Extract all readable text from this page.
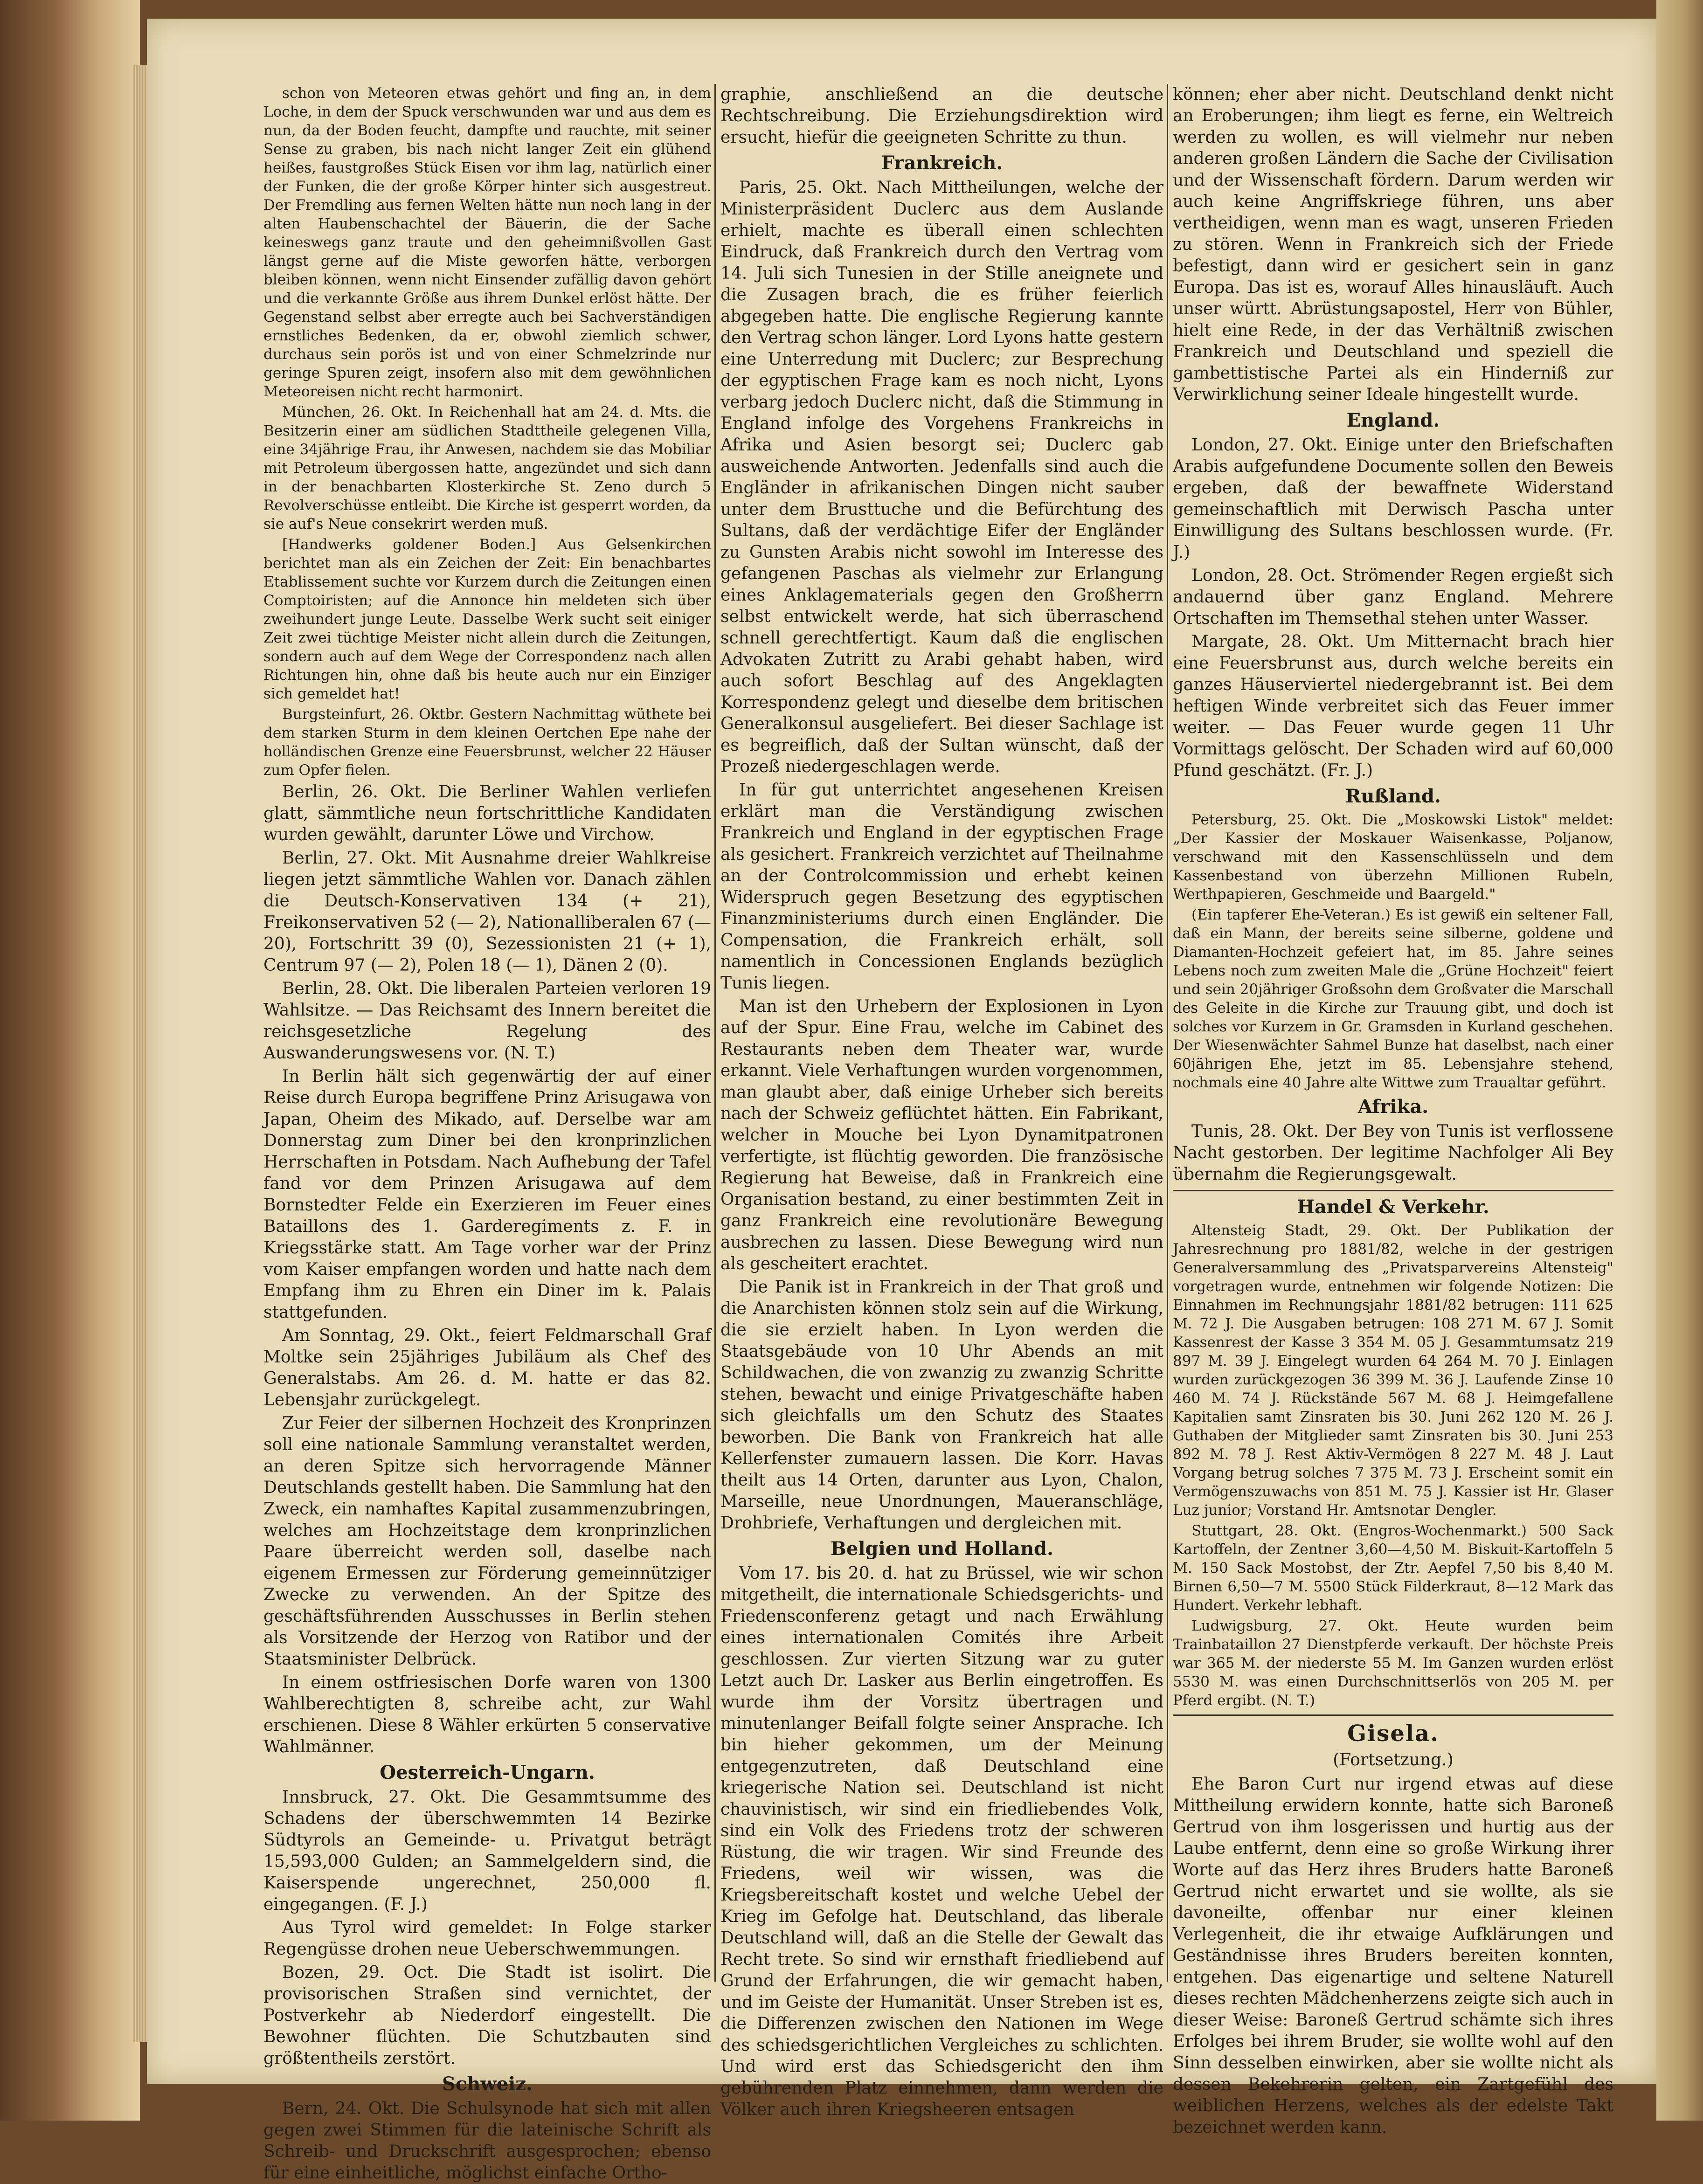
schon von Meteoren etwas gehört und fing an, in dem Loche, in dem der Spuck verschwunden war und aus dem es nun, da der Boden feucht, dampfte und rauchte, mit seiner Sense zu graben, bis nach nicht langer Zeit ein glühend heißes, faustgroßes Stück Eisen vor ihm lag, natürlich einer der Funken, die der große Körper hinter sich ausgestreut. Der Fremdling aus fernen Welten hätte nun noch lang in der alten Haubenschachtel der Bäuerin, die der Sache keineswegs ganz traute und den geheimnißvollen Gast längst gerne auf die Miste geworfen hätte, verborgen bleiben können, wenn nicht Einsender zufällig davon gehört und die verkannte Größe aus ihrem Dunkel erlöst hätte. Der Gegenstand selbst aber erregte auch bei Sachverständigen ernstliches Bedenken, da er, obwohl ziemlich schwer, durchaus sein porös ist und von einer Schmelzrinde nur geringe Spuren zeigt, insofern also mit dem gewöhnlichen Meteoreisen nicht recht harmonirt.

München, 26. Okt. In Reichenhall hat am 24. d. Mts. die Besitzerin einer am südlichen Stadttheile gelegenen Villa, eine 34jährige Frau, ihr Anwesen, nachdem sie das Mobiliar mit Petroleum übergossen hatte, angezündet und sich dann in der benachbarten Klosterkirche St. Zeno durch 5 Revolverschüsse entleibt. Die Kirche ist gesperrt worden, da sie auf's Neue consekrirt werden muß.

[Handwerks goldener Boden.] Aus Gelsenkirchen berichtet man als ein Zeichen der Zeit: Ein benachbartes Etablissement suchte vor Kurzem durch die Zeitungen einen Comptoiristen; auf die Annonce hin meldeten sich über zweihundert junge Leute. Dasselbe Werk sucht seit einiger Zeit zwei tüchtige Meister nicht allein durch die Zeitungen, sondern auch auf dem Wege der Correspondenz nach allen Richtungen hin, ohne daß bis heute auch nur ein Einziger sich gemeldet hat!

Burgsteinfurt, 26. Oktbr. Gestern Nachmittag wüthete bei dem starken Sturm in dem kleinen Oertchen Epe nahe der holländischen Grenze eine Feuersbrunst, welcher 22 Häuser zum Opfer fielen.

Berlin, 26. Okt. Die Berliner Wahlen verliefen glatt, sämmtliche neun fortschrittliche Kandidaten wurden gewählt, darunter Löwe und Virchow.

Berlin, 27. Okt. Mit Ausnahme dreier Wahlkreise liegen jetzt sämmtliche Wahlen vor. Danach zählen die Deutsch-Konservativen 134 (+ 21), Freikonservativen 52 (— 2), Nationalliberalen 67 (— 20), Fortschritt 39 (0), Sezessionisten 21 (+ 1), Centrum 97 (— 2), Polen 18 (— 1), Dänen 2 (0).

Berlin, 28. Okt. Die liberalen Parteien verloren 19 Wahlsitze. — Das Reichsamt des Innern bereitet die reichsgesetzliche Regelung des Auswanderungswesens vor. (N. T.)

In Berlin hält sich gegenwärtig der auf einer Reise durch Europa begriffene Prinz Arisugawa von Japan, Oheim des Mikado, auf. Derselbe war am Donnerstag zum Diner bei den kronprinzlichen Herrschaften in Potsdam. Nach Aufhebung der Tafel fand vor dem Prinzen Arisugawa auf dem Bornstedter Felde ein Exerzieren im Feuer eines Bataillons des 1. Garderegiments z. F. in Kriegsstärke statt. Am Tage vorher war der Prinz vom Kaiser empfangen worden und hatte nach dem Empfang ihm zu Ehren ein Diner im k. Palais stattgefunden.

Am Sonntag, 29. Okt., feiert Feldmarschall Graf Moltke sein 25jähriges Jubiläum als Chef des Generalstabs. Am 26. d. M. hatte er das 82. Lebensjahr zurückgelegt.

Zur Feier der silbernen Hochzeit des Kronprinzen soll eine nationale Sammlung veranstaltet werden, an deren Spitze sich hervorragende Männer Deutschlands gestellt haben. Die Sammlung hat den Zweck, ein namhaftes Kapital zusammenzubringen, welches am Hochzeitstage dem kronprinzlichen Paare überreicht werden soll, daselbe nach eigenem Ermessen zur Förderung gemeinnütziger Zwecke zu verwenden. An der Spitze des geschäftsführenden Ausschusses in Berlin stehen als Vorsitzende der Herzog von Ratibor und der Staatsminister Delbrück.

In einem ostfriesischen Dorfe waren von 1300 Wahlberechtigten 8, schreibe acht, zur Wahl erschienen. Diese 8 Wähler erkürten 5 conservative Wahlmänner.

Oesterreich-Ungarn.

Innsbruck, 27. Okt. Die Gesammtsumme des Schadens der überschwemmten 14 Bezirke Südtyrols an Gemeinde- u. Privatgut beträgt 15,593,000 Gulden; an Sammelgeldern sind, die Kaiserspende ungerechnet, 250,000 fl. eingegangen. (F. J.)

Aus Tyrol wird gemeldet: In Folge starker Regengüsse drohen neue Ueberschwemmungen.

Bozen, 29. Oct. Die Stadt ist isolirt. Die provisorischen Straßen sind vernichtet, der Postverkehr ab Niederdorf eingestellt. Die Bewohner flüchten. Die Schutzbauten sind größtentheils zerstört.

Schweiz.

Bern, 24. Okt. Die Schulsynode hat sich mit allen gegen zwei Stimmen für die lateinische Schrift als Schreib- und Druckschrift ausgesprochen; ebenso für eine einheitliche, möglichst einfache Ortho-

graphie, anschließend an die deutsche Rechtschreibung. Die Erziehungsdirektion wird ersucht, hiefür die geeigneten Schritte zu thun.

Frankreich.

Paris, 25. Okt. Nach Mittheilungen, welche der Ministerpräsident Duclerc aus dem Auslande erhielt, machte es überall einen schlechten Eindruck, daß Frankreich durch den Vertrag vom 14. Juli sich Tunesien in der Stille aneignete und die Zusagen brach, die es früher feierlich abgegeben hatte. Die englische Regierung kannte den Vertrag schon länger. Lord Lyons hatte gestern eine Unterredung mit Duclerc; zur Besprechung der egyptischen Frage kam es noch nicht, Lyons verbarg jedoch Duclerc nicht, daß die Stimmung in England infolge des Vorgehens Frankreichs in Afrika und Asien besorgt sei; Duclerc gab ausweichende Antworten. Jedenfalls sind auch die Engländer in afrikanischen Dingen nicht sauber unter dem Brusttuche und die Befürchtung des Sultans, daß der verdächtige Eifer der Engländer zu Gunsten Arabis nicht sowohl im Interesse des gefangenen Paschas als vielmehr zur Erlangung eines Anklagematerials gegen den Großherrn selbst entwickelt werde, hat sich überraschend schnell gerechtfertigt. Kaum daß die englischen Advokaten Zutritt zu Arabi gehabt haben, wird auch sofort Beschlag auf des Angeklagten Korrespondenz gelegt und dieselbe dem britischen Generalkonsul ausgeliefert. Bei dieser Sachlage ist es begreiflich, daß der Sultan wünscht, daß der Prozeß niedergeschlagen werde.

In für gut unterrichtet angesehenen Kreisen erklärt man die Verständigung zwischen Frankreich und England in der egyptischen Frage als gesichert. Frankreich verzichtet auf Theilnahme an der Controlcommission und erhebt keinen Widerspruch gegen Besetzung des egyptischen Finanzministeriums durch einen Engländer. Die Compensation, die Frankreich erhält, soll namentlich in Concessionen Englands bezüglich Tunis liegen.

Man ist den Urhebern der Explosionen in Lyon auf der Spur. Eine Frau, welche im Cabinet des Restaurants neben dem Theater war, wurde erkannt. Viele Verhaftungen wurden vorgenommen, man glaubt aber, daß einige Urheber sich bereits nach der Schweiz geflüchtet hätten. Ein Fabrikant, welcher in Mouche bei Lyon Dynamitpatronen verfertigte, ist flüchtig geworden. Die französische Regierung hat Beweise, daß in Frankreich eine Organisation bestand, zu einer bestimmten Zeit in ganz Frankreich eine revolutionäre Bewegung ausbrechen zu lassen. Diese Bewegung wird nun als gescheitert erachtet.

Die Panik ist in Frankreich in der That groß und die Anarchisten können stolz sein auf die Wirkung, die sie erzielt haben. In Lyon werden die Staatsgebäude von 10 Uhr Abends an mit Schildwachen, die von zwanzig zu zwanzig Schritte stehen, bewacht und einige Privatgeschäfte haben sich gleichfalls um den Schutz des Staates beworben. Die Bank von Frankreich hat alle Kellerfenster zumauern lassen. Die Korr. Havas theilt aus 14 Orten, darunter aus Lyon, Chalon, Marseille, neue Unordnungen, Maueranschläge, Drohbriefe, Verhaftungen und dergleichen mit.

Belgien und Holland.

Vom 17. bis 20. d. hat zu Brüssel, wie wir schon mitgetheilt, die internationale Schiedsgerichts- und Friedensconferenz getagt und nach Erwählung eines internationalen Comités ihre Arbeit geschlossen. Zur vierten Sitzung war zu guter Letzt auch Dr. Lasker aus Berlin eingetroffen. Es wurde ihm der Vorsitz übertragen und minutenlanger Beifall folgte seiner Ansprache. Ich bin hieher gekommen, um der Meinung entgegenzutreten, daß Deutschland eine kriegerische Nation sei. Deutschland ist nicht chauvinistisch, wir sind ein friedliebendes Volk, sind ein Volk des Friedens trotz der schweren Rüstung, die wir tragen. Wir sind Freunde des Friedens, weil wir wissen, was die Kriegsbereitschaft kostet und welche Uebel der Krieg im Gefolge hat. Deutschland, das liberale Deutschland will, daß an die Stelle der Gewalt das Recht trete. So sind wir ernsthaft friedliebend auf Grund der Erfahrungen, die wir gemacht haben, und im Geiste der Humanität. Unser Streben ist es, die Differenzen zwischen den Nationen im Wege des schiedsgerichtlichen Vergleiches zu schlichten. Und wird erst das Schiedsgericht den ihm gebührenden Platz einnehmen, dann werden die Völker auch ihren Kriegsheeren entsagen

können; eher aber nicht. Deutschland denkt nicht an Eroberungen; ihm liegt es ferne, ein Weltreich werden zu wollen, es will vielmehr nur neben anderen großen Ländern die Sache der Civilisation und der Wissenschaft fördern. Darum werden wir auch keine Angriffskriege führen, uns aber vertheidigen, wenn man es wagt, unseren Frieden zu stören. Wenn in Frankreich sich der Friede befestigt, dann wird er gesichert sein in ganz Europa. Das ist es, worauf Alles hinausläuft. Auch unser württ. Abrüstungsapostel, Herr von Bühler, hielt eine Rede, in der das Verhältniß zwischen Frankreich und Deutschland und speziell die gambettistische Partei als ein Hinderniß zur Verwirklichung seiner Ideale hingestellt wurde.

England.

London, 27. Okt. Einige unter den Briefschaften Arabis aufgefundene Documente sollen den Beweis ergeben, daß der bewaffnete Widerstand gemeinschaftlich mit Derwisch Pascha unter Einwilligung des Sultans beschlossen wurde. (Fr. J.)

London, 28. Oct. Strömender Regen ergießt sich andauernd über ganz England. Mehrere Ortschaften im Themsethal stehen unter Wasser.

Margate, 28. Okt. Um Mitternacht brach hier eine Feuersbrunst aus, durch welche bereits ein ganzes Häuserviertel niedergebrannt ist. Bei dem heftigen Winde verbreitet sich das Feuer immer weiter. — Das Feuer wurde gegen 11 Uhr Vormittags gelöscht. Der Schaden wird auf 60,000 Pfund geschätzt. (Fr. J.)

Rußland.

Petersburg, 25. Okt. Die „Moskowski Listok" meldet: „Der Kassier der Moskauer Waisenkasse, Poljanow, verschwand mit den Kassenschlüsseln und dem Kassenbestand von überzehn Millionen Rubeln, Werthpapieren, Geschmeide und Baargeld."

(Ein tapferer Ehe-Veteran.) Es ist gewiß ein seltener Fall, daß ein Mann, der bereits seine silberne, goldene und Diamanten-Hochzeit gefeiert hat, im 85. Jahre seines Lebens noch zum zweiten Male die „Grüne Hochzeit" feiert und sein 20jähriger Großsohn dem Großvater die Marschall des Geleite in die Kirche zur Trauung gibt, und doch ist solches vor Kurzem in Gr. Gramsden in Kurland geschehen. Der Wiesenwächter Sahmel Bunze hat daselbst, nach einer 60jährigen Ehe, jetzt im 85. Lebensjahre stehend, nochmals eine 40 Jahre alte Wittwe zum Traualtar geführt.

Afrika.

Tunis, 28. Okt. Der Bey von Tunis ist verflossene Nacht gestorben. Der legitime Nachfolger Ali Bey übernahm die Regierungsgewalt.

Handel & Verkehr.

Altensteig Stadt, 29. Okt. Der Publikation der Jahresrechnung pro 1881/82, welche in der gestrigen Generalversammlung des „Privatsparvereins Altensteig" vorgetragen wurde, entnehmen wir folgende Notizen: Die Einnahmen im Rechnungsjahr 1881/82 betrugen: 111 625 M. 72 J. Die Ausgaben betrugen: 108 271 M. 67 J. Somit Kassenrest der Kasse 3 354 M. 05 J. Gesammtumsatz 219 897 M. 39 J. Eingelegt wurden 64 264 M. 70 J. Einlagen wurden zurückgezogen 36 399 M. 36 J. Laufende Zinse 10 460 M. 74 J. Rückstände 567 M. 68 J. Heimgefallene Kapitalien samt Zinsraten bis 30. Juni 262 120 M. 26 J. Guthaben der Mitglieder samt Zinsraten bis 30. Juni 253 892 M. 78 J. Rest Aktiv-Vermögen 8 227 M. 48 J. Laut Vorgang betrug solches 7 375 M. 73 J. Erscheint somit ein Vermögenszuwachs von 851 M. 75 J. Kassier ist Hr. Glaser Luz junior; Vorstand Hr. Amtsnotar Dengler.

Stuttgart, 28. Okt. (Engros-Wochenmarkt.) 500 Sack Kartoffeln, der Zentner 3,60—4,50 M. Biskuit-Kartoffeln 5 M. 150 Sack Mostobst, der Ztr. Aepfel 7,50 bis 8,40 M. Birnen 6,50—7 M. 5500 Stück Filderkraut, 8—12 Mark das Hundert. Verkehr lebhaft.

Ludwigsburg, 27. Okt. Heute wurden beim Trainbataillon 27 Dienstpferde verkauft. Der höchste Preis war 365 M. der niederste 55 M. Im Ganzen wurden erlöst 5530 M. was einen Durchschnittserlös von 205 M. per Pferd ergibt. (N. T.)

Gisela.
(Fortsetzung.)

Ehe Baron Curt nur irgend etwas auf diese Mittheilung erwidern konnte, hatte sich Baroneß Gertrud von ihm losgerissen und hurtig aus der Laube entfernt, denn eine so große Wirkung ihrer Worte auf das Herz ihres Bruders hatte Baroneß Gertrud nicht erwartet und sie wollte, als sie davoneilte, offenbar nur einer kleinen Verlegenheit, die ihr etwaige Aufklärungen und Geständnisse ihres Bruders bereiten konnten, entgehen. Das eigenartige und seltene Naturell dieses rechten Mädchenherzens zeigte sich auch in dieser Weise: Baroneß Gertrud schämte sich ihres Erfolges bei ihrem Bruder, sie wollte wohl auf den Sinn desselben einwirken, aber sie wollte nicht als dessen Bekehrerin gelten, ein Zartgefühl des weiblichen Herzens, welches als der edelste Takt bezeichnet werden kann.
